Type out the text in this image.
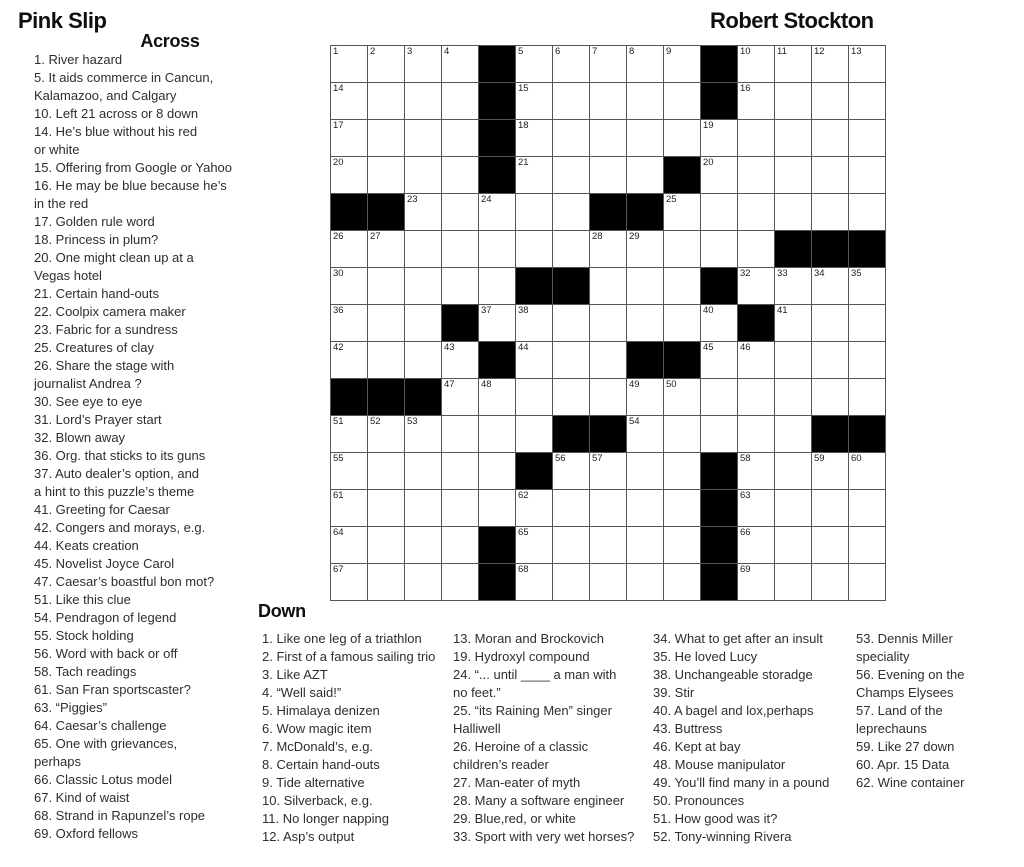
Pink Slip	Robert Stockton
Across
1. River hazard
5. It aids commerce in Cancun,
Kalamazoo, and Calgary
10. Left 21 across or 8 down
14. He’s blue without his red
or white
15. Offering from Google or Yahoo
16. He may be blue because he’s
in the red
17. Golden rule word
18. Princess in plum?
20. One might clean up at a
Vegas hotel
21. Certain hand-outs
22. Coolpix camera maker
23. Fabric for a sundress
25. Creatures of clay
26. Share the stage with
journalist Andrea ?
30. See eye to eye
31. Lord’s Prayer start
32. Blown away
36. Org. that sticks to its guns
37. Auto dealer’s option, and
a hint to this puzzle’s theme
41. Greeting for Caesar
42. Congers and morays, e.g.
44. Keats creation
45. Novelist Joyce Carol
47. Caesar’s boastful bon mot?
51. Like this clue
54. Pendragon of legend
55. Stock holding
56. Word with back or off
58. Tach readings
61. San Fran sportscaster?
63. “Piggies”
64. Caesar’s challenge
65. One with grievances,
perhaps
66. Classic Lotus model
67. Kind of waist
68. Strand in Rapunzel’s rope
69. Oxford fellows
1	2	3	4	5	6	7	8	9	10	11	12	13
14	15	16
17	18	19
20	21	20
23	24	25
26	27	28	29
30	32	33	34	35
36	37	38	40	41
42	43	44	45	46
47	48	49	50
51	52	53	54
55	56	57	58	59	60
61	62	63
64	65	66
67	68	69
Down
1. Like one leg of a triathlon
2. First of a famous sailing trio
3. Like AZT
4. “Well said!”
5. Himalaya denizen
6. Wow magic item
7. McDonald’s, e.g.
8. Certain hand-outs
9. Tide alternative
10. Silverback, e.g.
11. No longer napping
12. Asp’s output
13. Moran and Brockovich
19. Hydroxyl compound
24. “... until ____ a man with
no feet.”
25. “its Raining Men” singer
Halliwell
26. Heroine of a classic
children’s reader
27. Man-eater of myth
28. Many a software engineer
29. Blue,red, or white
33. Sport with very wet horses?
34. What to get after an insult
35. He loved Lucy
38. Unchangeable storadge
39. Stir
40. A bagel and lox,perhaps
43. Buttress
46. Kept at bay
48. Mouse manipulator
49. You’ll find many in a pound
50. Pronounces
51. How good was it?
52. Tony-winning Rivera
53. Dennis Miller
speciality
56. Evening on the
Champs Elysees
57. Land of the
leprechauns
59. Like 27 down
60. Apr. 15 Data
62. Wine container
